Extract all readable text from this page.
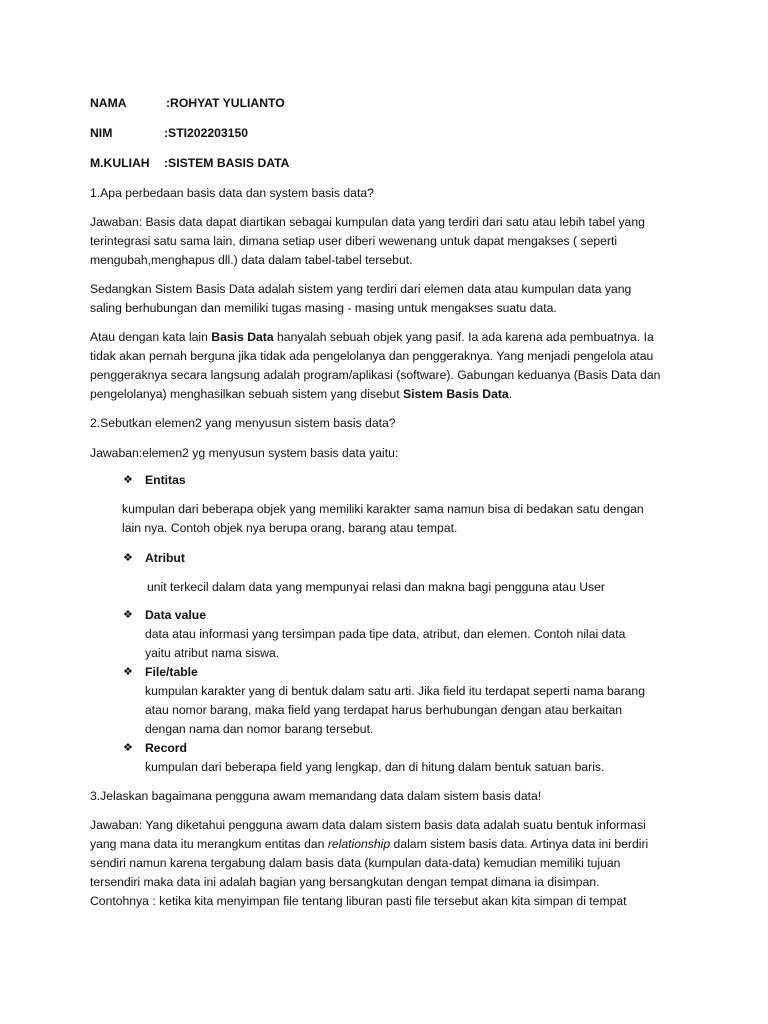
NAMA	:ROHYAT YULIANTO
NIM	:STI202203150
M.KULIAH :SISTEM BASIS DATA
1.Apa perbedaan basis data dan system basis data?

Jawaban: Basis data dapat diartikan sebagai kumpulan data yang terdiri dari satu atau lebih tabel yang

terintegrasi satu sama lain, dimana setiap user diberi wewenang untuk dapat mengakses ( seperti

mengubah,menghapus dll.) data dalam tabel-tabel tersebut.

Sedangkan Sistem Basis Data adalah sistem yang terdiri dari elemen data atau kumpulan data yang

saling berhubungan dan memiliki tugas masing - masing untuk mengakses suatu data.

Atau dengan kata lain Basis Data hanyalah sebuah objek yang pasif. Ia ada karena ada pembuatnya. Ia

tidak akan pernah berguna jika tidak ada pengelolanya dan penggeraknya. Yang menjadi pengelola atau

penggeraknya secara langsung adalah program/aplikasi (software). Gabungan keduanya (Basis Data dan

pengelolanya) menghasilkan sebuah sistem yang disebut Sistem Basis Data.

2.Sebutkan elemen2 yang menyusun sistem basis data?
Jawaban:elemen2 yg menyusun system basis data yaitu:
❖ Entitas

kumpulan dari beberapa objek yang memiliki karakter sama namun bisa di bedakan satu dengan

lain nya. Contoh objek nya berupa orang, barang atau tempat.

❖ Atribut
unit terkecil dalam data yang mempunyai relasi dan makna bagi pengguna atau User
❖ Data value

data atau informasi yang tersimpan pada tipe data, atribut, dan elemen. Contoh nilai data

yaitu atribut nama siswa.

❖ File/table

kumpulan karakter yang di bentuk dalam satu arti. Jika field itu terdapat seperti nama barang

atau nomor barang, maka field yang terdapat harus berhubungan dengan atau berkaitan

dengan nama dan nomor barang tersebut.

❖ Record
kumpulan dari beberapa field yang lengkap, dan di hitung dalam bentuk satuan baris.
3.Jelaskan bagaimana pengguna awam memandang data dalam sistem basis data!

Jawaban: Yang diketahui pengguna awam data dalam sistem basis data adalah suatu bentuk informasi

yang mana data itu merangkum entitas dan relationship dalam sistem basis data. Artinya data ini berdiri

sendiri namun karena tergabung dalam basis data (kumpulan data-data) kemudian memiliki tujuan

tersendiri maka data ini adalah bagian yang bersangkutan dengan tempat dimana ia disimpan.

Contohnya : ketika kita menyimpan file tentang liburan pasti file tersebut akan kita simpan di tempat
